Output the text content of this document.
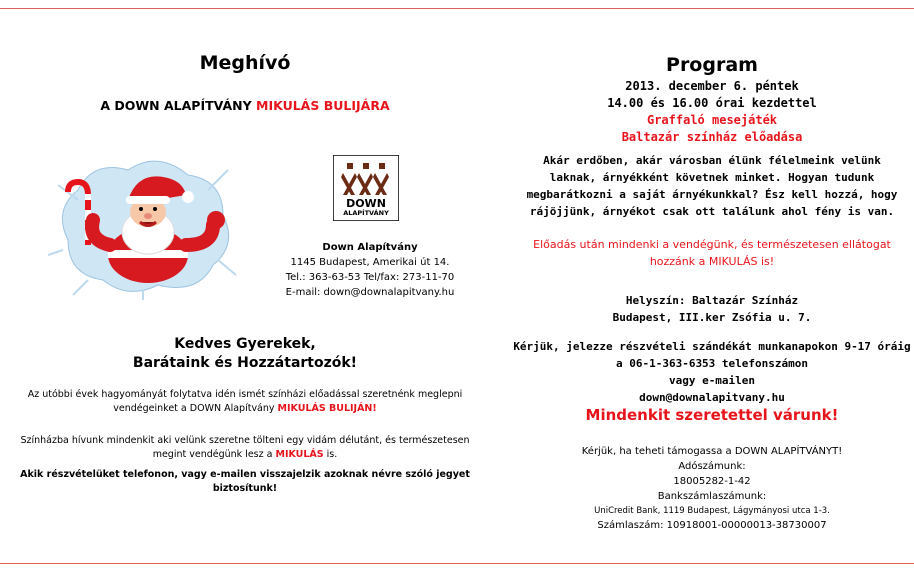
Meghívó

A DOWN ALAPÍTVÁNY MIKULÁS BULIJÁRA

DOWN
ALAPÍTVÁNY
Down Alapítvány
1145 Budapest, Amerikai út 14.
Tel.: 363-63-53 Tel/fax: 273-11-70
E-mail: down@downalapitvany.hu
Kedves Gyerekek,
Barátaink és Hozzátartozók!

Az utóbbi évek hagyományát folytatva idén ismét színházi előadással szeretnénk meglepni vendégeinket a DOWN Alapítvány MIKULÁS BULIJÁN!

Színházba hívunk mindenkit aki velünk szeretne tölteni egy vidám délutánt, és természetesen megint vendégünk lesz a MIKULÁS is.

Akik részvételüket telefonon, vagy e-mailen visszajelzik azoknak névre szóló jegyet biztosítunk!

Program

2013. december 6. péntek
14.00 és 16.00 órai kezdettel
Graffaló mesejáték
Baltazár színház előadása

Akár erdőben, akár városban élünk félelmeink velünk laknak, árnyékként követnek minket. Hogyan tudunk megbarátkozni a saját árnyékunkkal? Ész kell hozzá, hogy rájöjjünk, árnyékot csak ott találunk ahol fény is van.

Előadás után mindenki a vendégünk, és természetesen ellátogat hozzánk a MIKULÁS is!

Helyszín: Baltazár Színház
Budapest, III.ker Zsófia u. 7.
Kérjük, jelezze részvételi szándékát munkanapokon 9-17 óráig
a 06-1-363-6353 telefonszámon
vagy e-mailen
down@downalapitvany.hu

Mindenkit szeretettel várunk!

Kérjük, ha teheti támogassa a DOWN ALAPÍTVÁNYT!
Adószámunk:
18005282-1-42
Bankszámlaszámunk:
UniCredit Bank, 1119 Budapest, Lágymányosi utca 1-3.
Számlaszám: 10918001-00000013-38730007
